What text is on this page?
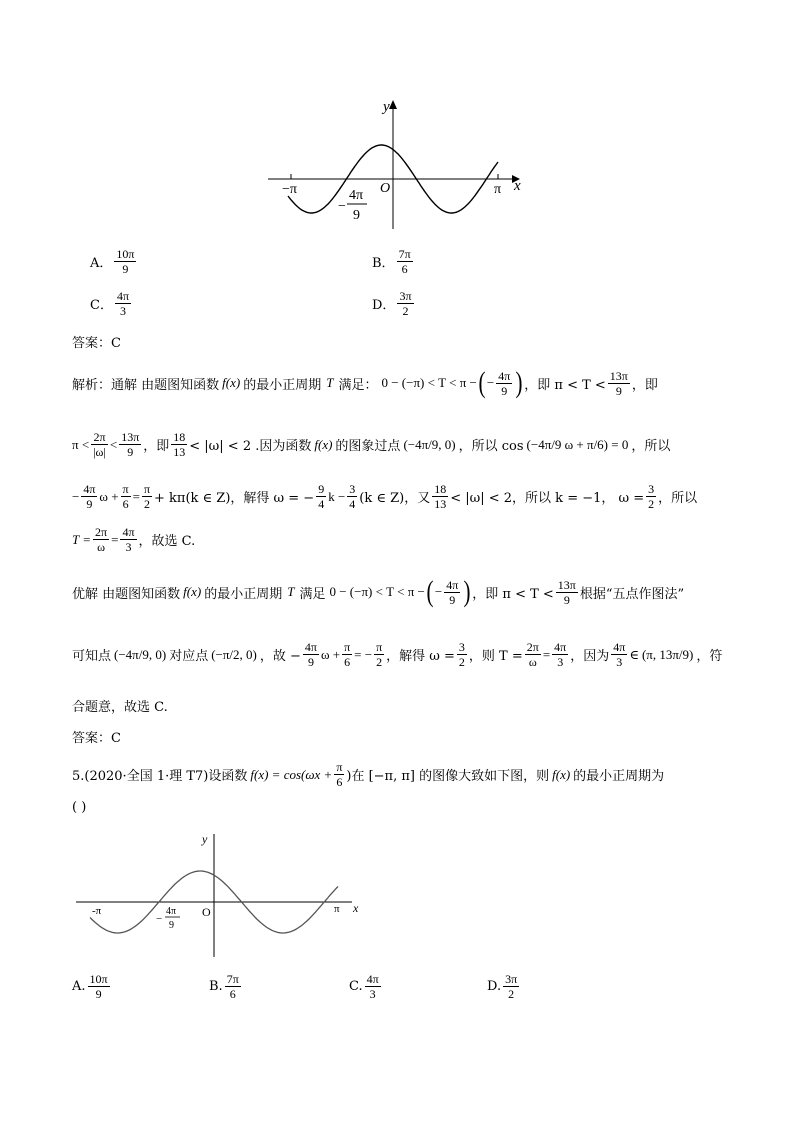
y
x
O
−π	π
−
4π
9
A． $\frac{10\pi}{9}$	B． $\frac{7\pi}{6}$
C． $\frac{4\pi}{3}$	D． $\frac{3\pi}{2}$
答案：C
解析：通解 由题图知函数 f(x) 的最小正周期 T 满足： 0 − (−π) < T < π − ( − $\frac{4\pi}{9}$ ) ，即 $\pi < T < \frac{13\pi}{9}$ ，即
$\pi < \frac{2\pi}{|\omega|} < \frac{13\pi}{9}$ ，即 $\frac{18}{13} < |\omega| < 2$ .因为函数 f(x) 的图象过点 (−4π/9, 0) ，所以 cos (−4π/9 ω + π/6) = 0 ，所以
− $\frac{4\pi}{9}$ $\omega + \frac{\pi}{6} = \frac{\pi}{2} + k\pi(k$ ∈ Z)，解得 ω = − $\frac{9}{4}$ $k - \frac{3}{4} (k$ ∈ Z)，又 $\frac{18}{13} < |\omega| < 2$，所以 k = −1， $\omega = \frac{3}{2}$ ，所以
$T = \frac{2\pi}{\omega} = \frac{4\pi}{3}$ ，故选 C.
优解 由题图知函数 f(x) 的最小正周期 T 满足 0 − (−π) < T < π − ( − $\frac{4\pi}{9}$ ) ，即 $\pi < T < \frac{13\pi}{9}$ 根据“五点作图法”
可知点 (−4π/9, 0) 对应点 (−π/2, 0) ，故 − $\frac{4\pi}{9}$ $\omega + \frac{\pi}{6}$ = − $\frac{\pi}{2}$ ，解得 $\omega = \frac{3}{2}$ ，则 $T = \frac{2\pi}{\omega} = \frac{4\pi}{3}$ ，因为 $\frac{4\pi}{3}$ ∈ (π, 13π/9) ，符
合题意，故选 C.
答案：C
5.(2020·全国 1·理 T7)设函数 $f(x) = \cos(\omega x + \frac{\pi}{6}$ )在 [−π, π] 的图像大致如下图，则 f(x) 的最小正周期为
( )
y
x
O
-π	π
−
4π
9
A. $\frac{10\pi}{9}$	B. $\frac{7\pi}{6}$	C. $\frac{4\pi}{3}$	D. $\frac{3\pi}{2}$
